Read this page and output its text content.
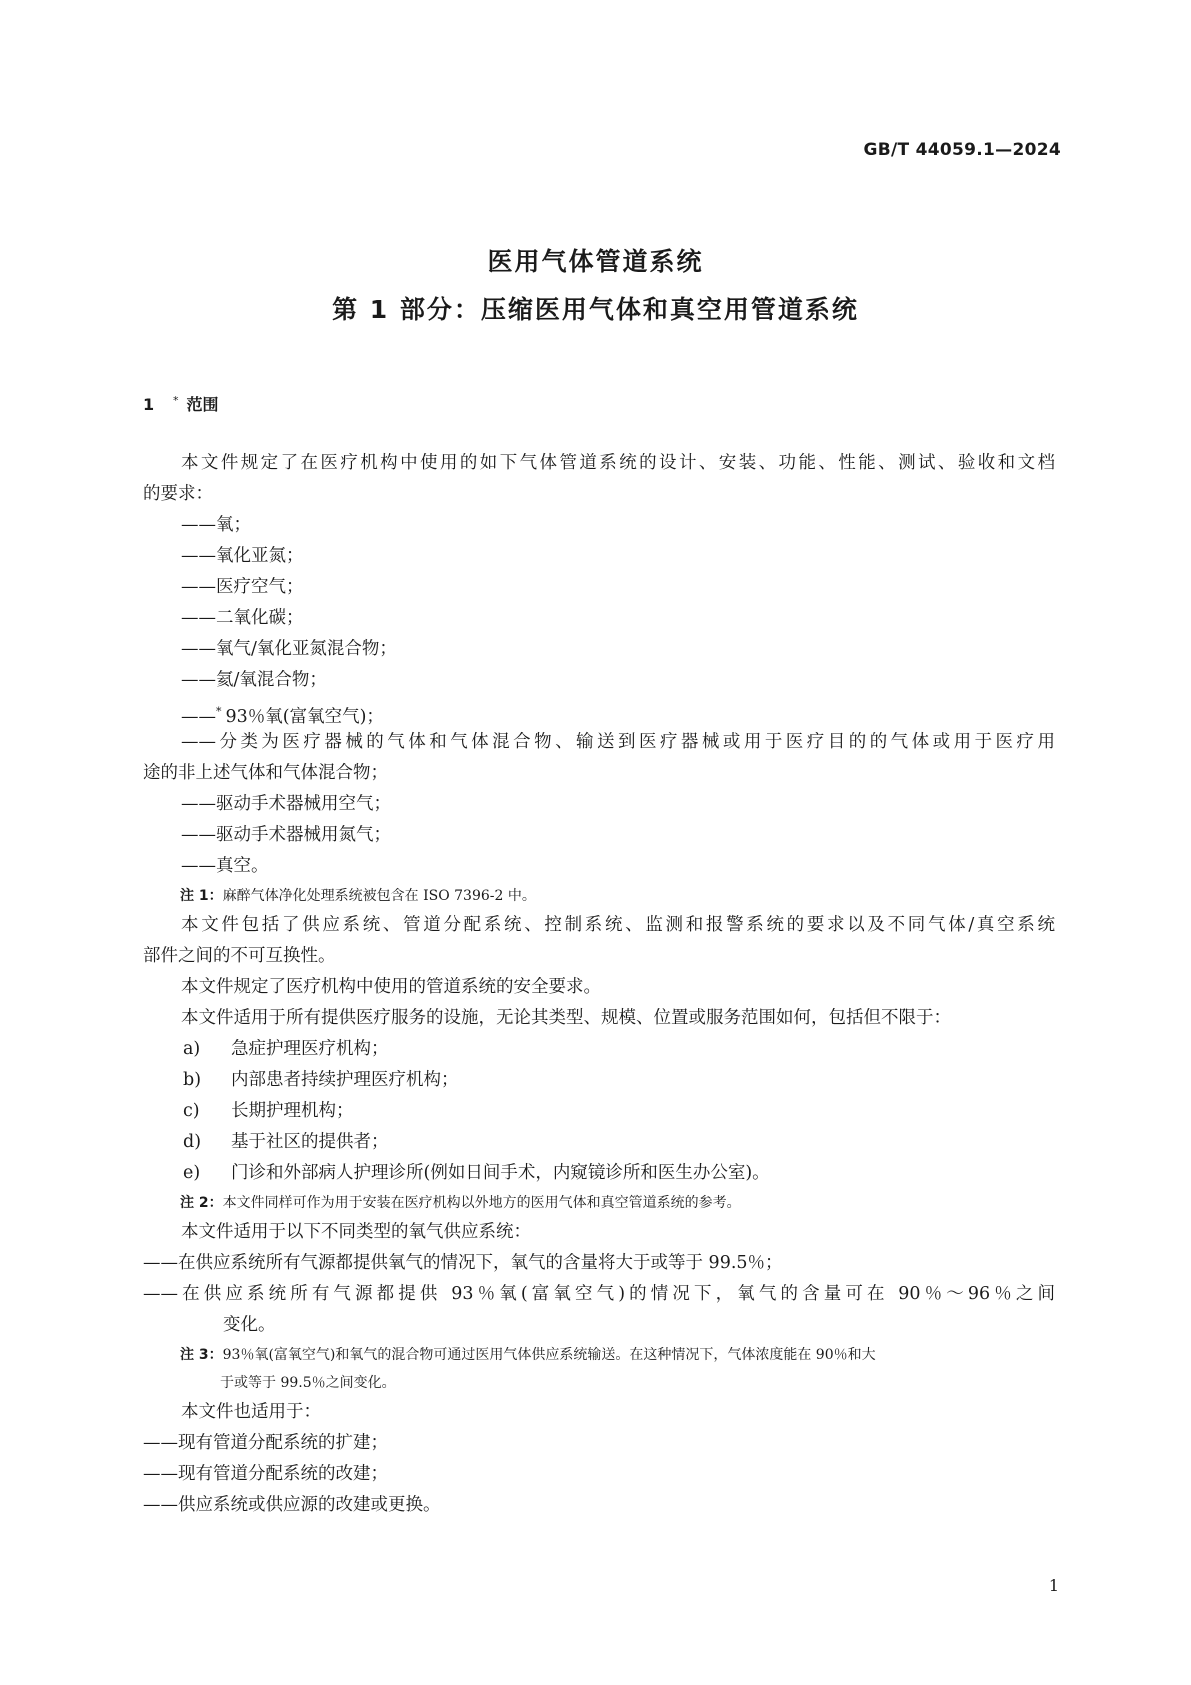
GB/T 44059.1—2024
医用气体管道系统
第 1 部分：压缩医用气体和真空用管道系统
1 * 范围
本文件规定了在医疗机构中使用的如下气体管道系统的设计、安装、功能、性能、测试、验收和文档
的要求：
——氧；
——氧化亚氮；
——医疗空气；
——二氧化碳；
——氧气/氧化亚氮混合物；
——氦/氧混合物；
——* 93％氧(富氧空气)；
——分类为医疗器械的气体和气体混合物、输送到医疗器械或用于医疗目的的气体或用于医疗用
途的非上述气体和气体混合物；
——驱动手术器械用空气；
——驱动手术器械用氮气；
——真空。
注 1：麻醉气体净化处理系统被包含在 ISO 7396-2 中。
本文件包括了供应系统、管道分配系统、控制系统、监测和报警系统的要求以及不同气体/真空系统
部件之间的不可互换性。
本文件规定了医疗机构中使用的管道系统的安全要求。
本文件适用于所有提供医疗服务的设施，无论其类型、规模、位置或服务范围如何，包括但不限于：
a) 急症护理医疗机构；
b) 内部患者持续护理医疗机构；
c) 长期护理机构；
d) 基于社区的提供者；
e) 门诊和外部病人护理诊所(例如日间手术，内窥镜诊所和医生办公室)。
注 2：本文件同样可作为用于安装在医疗机构以外地方的医用气体和真空管道系统的参考。
本文件适用于以下不同类型的氧气供应系统：
——在供应系统所有气源都提供氧气的情况下，氧气的含量将大于或等于 99.5％；
——在供应系统所有气源都提供 93％氧(富氧空气)的情况下，氧气的含量可在 90％～96％之间
变化。
注 3：93％氧(富氧空气)和氧气的混合物可通过医用气体供应系统输送。在这种情况下，气体浓度能在 90％和大
于或等于 99.5％之间变化。
本文件也适用于：
——现有管道分配系统的扩建；
——现有管道分配系统的改建；
——供应系统或供应源的改建或更换。
1
